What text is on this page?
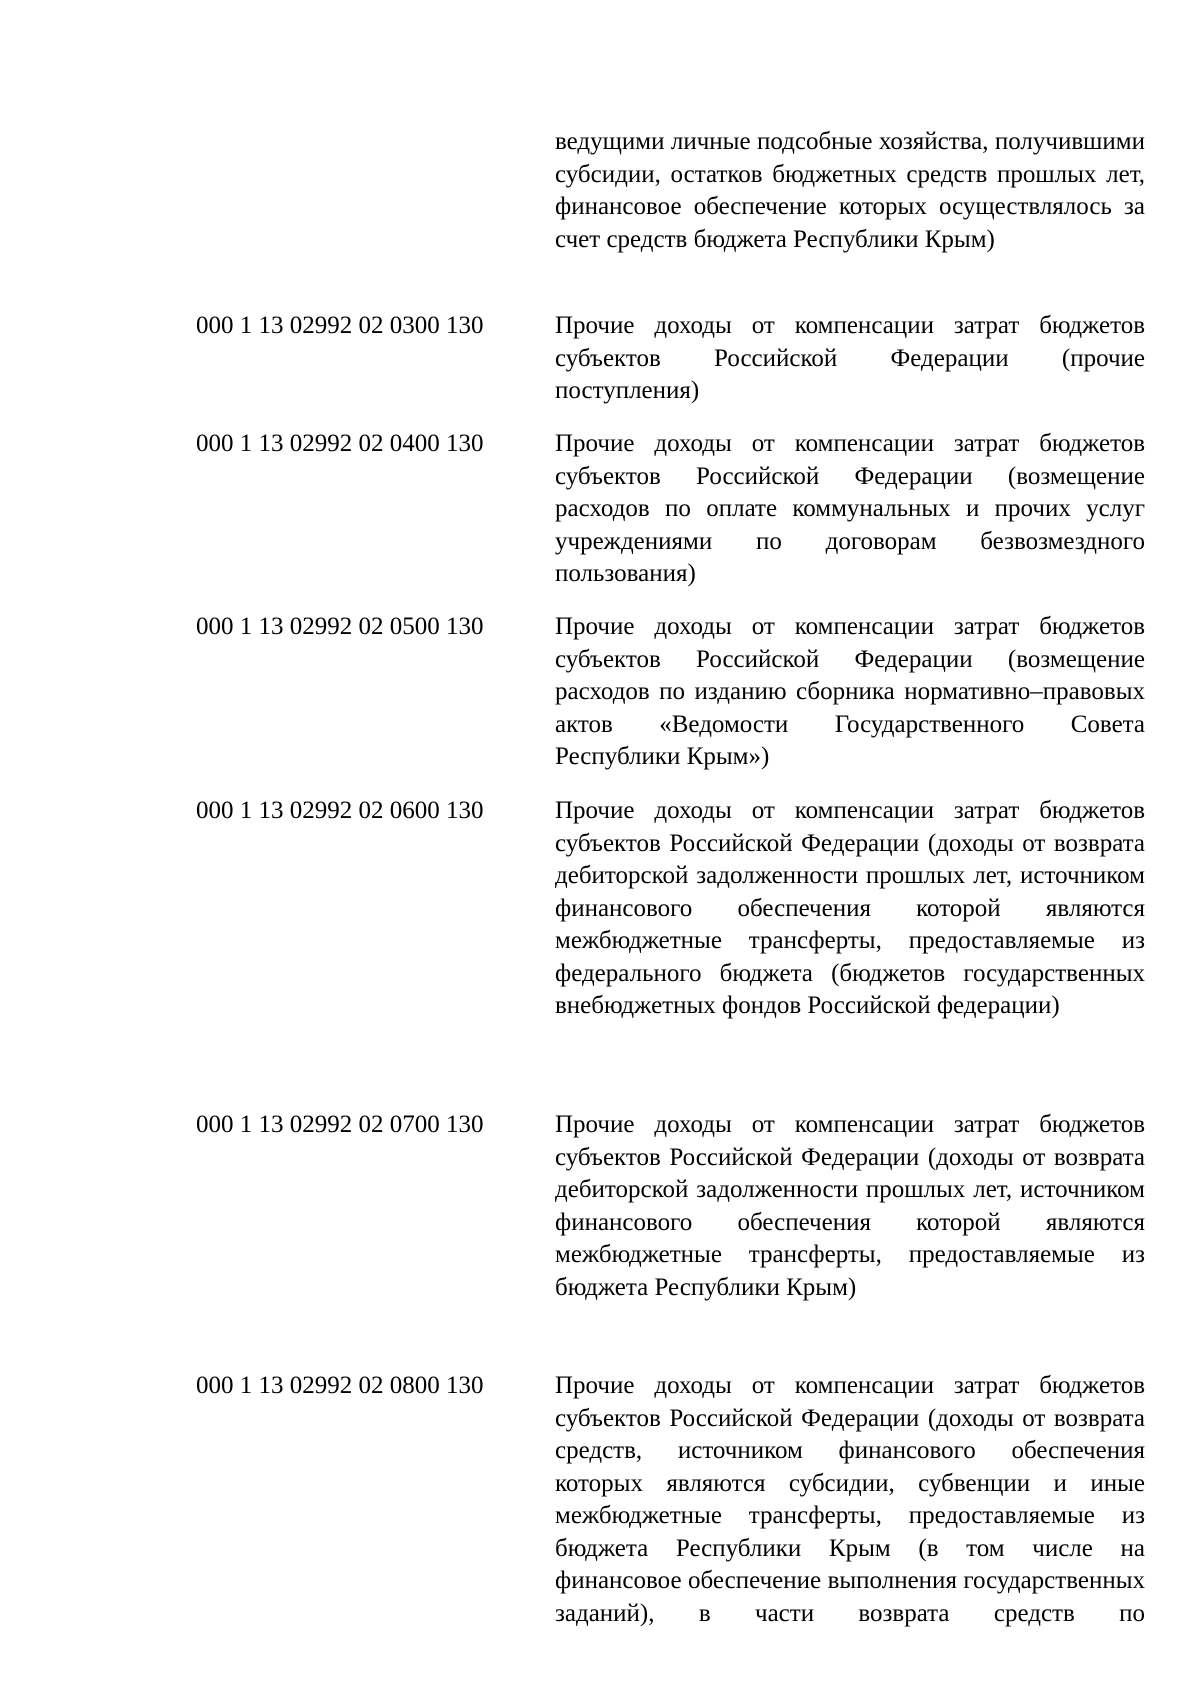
ведущими личные подсобные хозяйства, получившими субсидии, остатков бюджетных средств прошлых лет, финансовое обеспечение которых осуществлялось за счет средств бюджета Республики Крым)
000 1 13 02992 02 0300 130	Прочие доходы от компенсации затрат бюджетов субъектов Российской Федерации (прочие поступления)
000 1 13 02992 02 0400 130	Прочие доходы от компенсации затрат бюджетов субъектов Российской Федерации (возмещение расходов по оплате коммунальных и прочих услуг учреждениями по договорам безвозмездного пользования)
000 1 13 02992 02 0500 130	Прочие доходы от компенсации затрат бюджетов субъектов Российской Федерации (возмещение расходов по изданию сборника нормативно–правовых актов «Ведомости Государственного Совета Республики Крым»)
000 1 13 02992 02 0600 130	Прочие доходы от компенсации затрат бюджетов субъектов Российской Федерации (доходы от возврата дебиторской задолженности прошлых лет, источником финансового обеспечения которой являются межбюджетные трансферты, предоставляемые из федерального бюджета (бюджетов государственных внебюджетных фондов Российской федерации)
000 1 13 02992 02 0700 130	Прочие доходы от компенсации затрат бюджетов субъектов Российской Федерации (доходы от возврата дебиторской задолженности прошлых лет, источником финансового обеспечения которой являются межбюджетные трансферты, предоставляемые из бюджета Республики Крым)
000 1 13 02992 02 0800 130	Прочие доходы от компенсации затрат бюджетов субъектов Российской Федерации (доходы от возврата средств, источником финансового обеспечения которых являются субсидии, субвенции и иные межбюджетные трансферты, предоставляемые из бюджета Республики Крым (в том числе на финансовое обеспечение выполнения государственных заданий), в части возврата средств по
